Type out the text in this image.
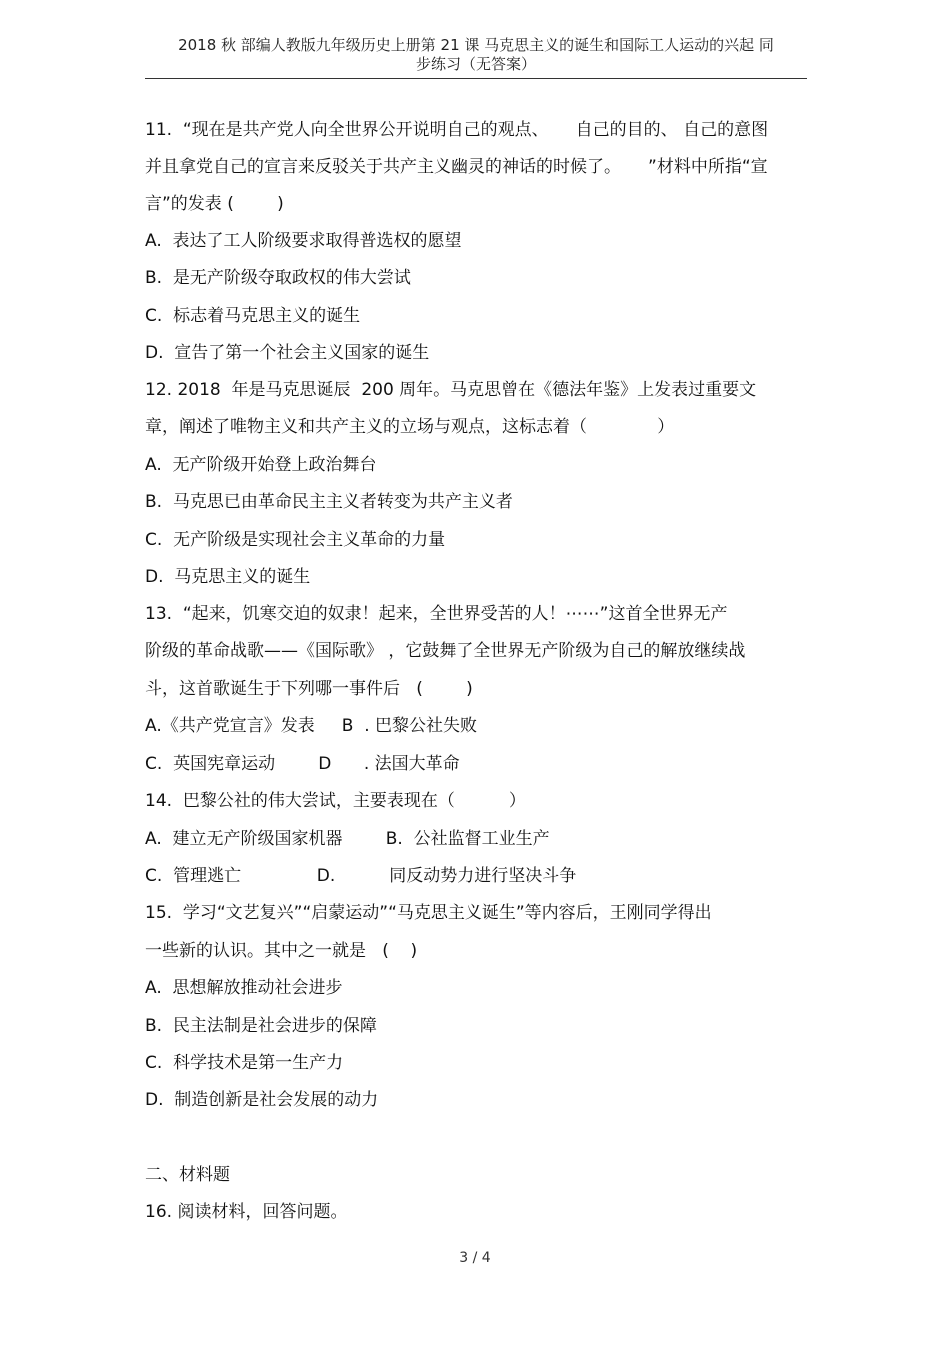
2018 秋 部编人教版九年级历史上册第 21 课 马克思主义的诞生和国际工人运动的兴起 同
步练习（无答案）
11.  “现在是共产党人向全世界公开说明自己的观点、     自己的目的、 自己的意图
并且拿党自己的宣言来反驳关于共产主义幽灵的神话的时候了。     ”材料中所指“宣
言”的发表 (        )
A.  表达了工人阶级要求取得普选权的愿望
B.  是无产阶级夺取政权的伟大尝试
C.  标志着马克思主义的诞生
D.  宣告了第一个社会主义国家的诞生
12. 2018  年是马克思诞辰  200 周年。马克思曾在《德法年鉴》上发表过重要文
章，阐述了唯物主义和共产主义的立场与观点，这标志着（             ）
A.  无产阶级开始登上政治舞台
B.  马克思已由革命民主主义者转变为共产主义者
C.  无产阶级是实现社会主义革命的力量
D.  马克思主义的诞生
13.  “起来，饥寒交迫的奴隶！起来，全世界受苦的人！⋯⋯”这首全世界无产
阶级的革命战歌——《国际歌》 ，它鼓舞了全世界无产阶级为自己的解放继续战
斗，这首歌诞生于下列哪一事件后   (        )
A.《共产党宣言》发表     B  . 巴黎公社失败
C.  英国宪章运动        D      . 法国大革命
14.  巴黎公社的伟大尝试，主要表现在（          ）
A.  建立无产阶级国家机器        B.  公社监督工业生产
C.  管理逃亡              D.          同反动势力进行坚决斗争
15.  学习“文艺复兴”“启蒙运动”“马克思主义诞生”等内容后，王刚同学得出
一些新的认识。其中之一就是   (    )
A.  思想解放推动社会进步
B.  民主法制是社会进步的保障
C.  科学技术是第一生产力
D.  制造创新是社会发展的动力
二、材料题
16. 阅读材料，回答问题。
3 / 4
